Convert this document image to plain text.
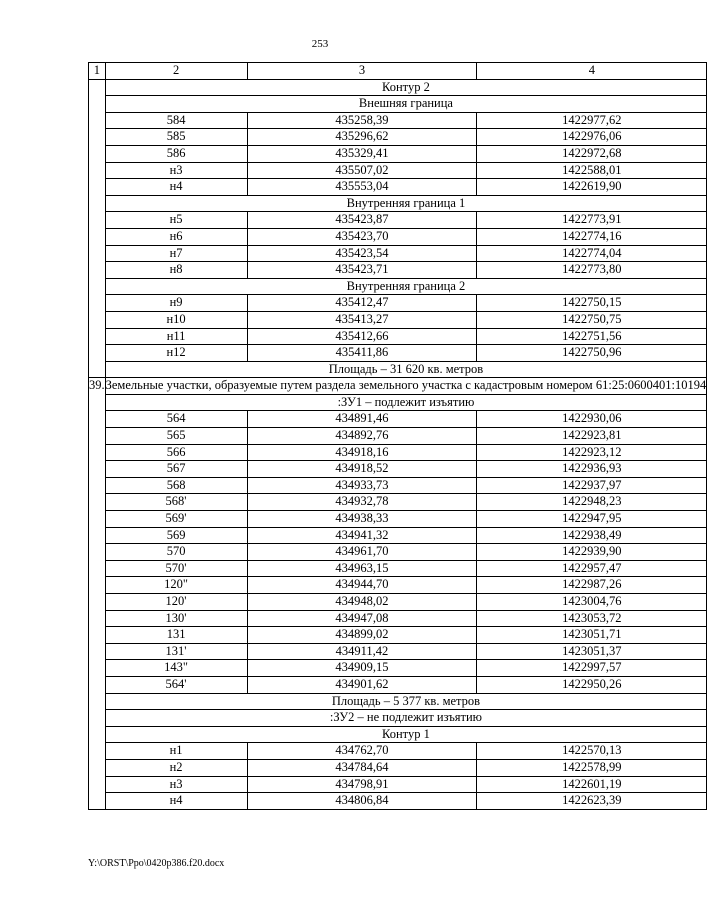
253
1	2	3	4
	Контур 2		
	Внешняя граница		
	584	435258,39	1422977,62
	585	435296,62	1422976,06
	586	435329,41	1422972,68
	н3	435507,02	1422588,01
	н4	435553,04	1422619,90
	Внутренняя граница 1		
	н5	435423,87	1422773,91
	н6	435423,70	1422774,16
	н7	435423,54	1422774,04
	н8	435423,71	1422773,80
	Внутренняя граница 2		
	н9	435412,47	1422750,15
	н10	435413,27	1422750,75
	н11	435412,66	1422751,56
	н12	435411,86	1422750,96
	Площадь – 31 620 кв. метров		
39.	Земельные участки, образуемые путем раздела земельного участка с кадастровым номером 61:25:0600401:10194		
	:ЗУ1 – подлежит изъятию		
	564	434891,46	1422930,06
	565	434892,76	1422923,81
	566	434918,16	1422923,12
	567	434918,52	1422936,93
	568	434933,73	1422937,97
	568'	434932,78	1422948,23
	569'	434938,33	1422947,95
	569	434941,32	1422938,49
	570	434961,70	1422939,90
	570'	434963,15	1422957,47
	120"	434944,70	1422987,26
	120'	434948,02	1423004,76
	130'	434947,08	1423053,72
	131	434899,02	1423051,71
	131'	434911,42	1423051,37
	143"	434909,15	1422997,57
	564'	434901,62	1422950,26
	Площадь – 5 377 кв. метров		
	:ЗУ2 – не подлежит изъятию		
	Контур 1		
	н1	434762,70	1422570,13
	н2	434784,64	1422578,99
	н3	434798,91	1422601,19
	н4	434806,84	1422623,39
Y:\ORST\Ppo\0420p386.f20.docx
